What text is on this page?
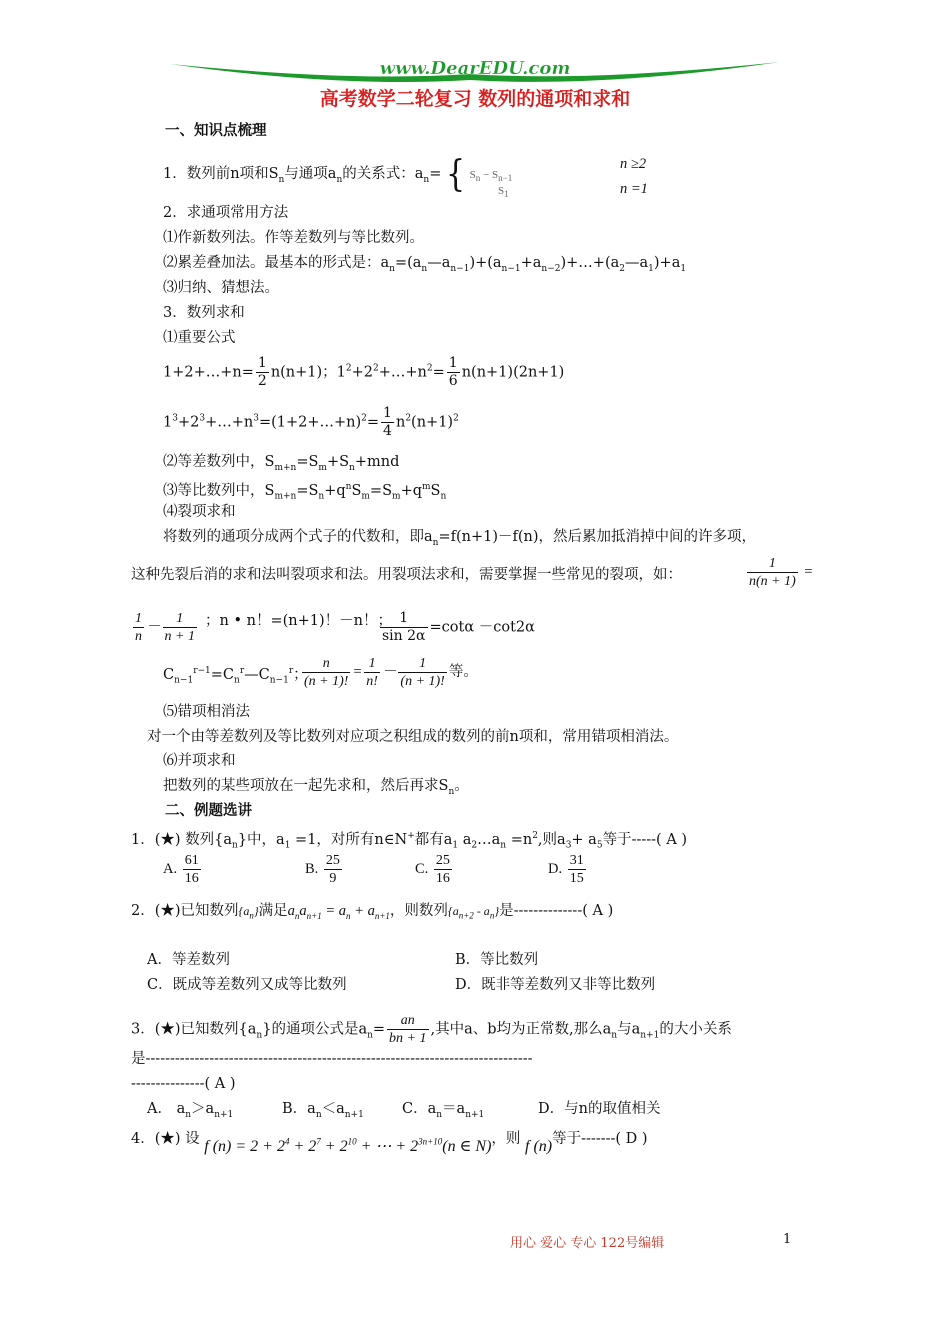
www.DearEDU.com
高考数学二轮复习 数列的通项和求和
一、知识点梳理
1．数列前n项和$S_n$与通项$a_n$的关系式：$a_n=$ { $S_n - S_{n-1}$
n ≥2
n =1
$S_1$
2．求通项常用方法
⑴作新数列法。作等差数列与等比数列。
⑵累差叠加法。最基本的形式是：$a_n=(a_n—a_{n-1})+(a_{n-1}+a_{n-2})+\dots+(a_2—a_1)+a_1$
⑶归纳、猜想法。
3．数列求和
⑴重要公式
1+2+…+n= $\frac{1}{2} n(n+1)$；$1^2+2^2+\dots+n^2= \frac{1}{6} n(n+1)(2n+1)$
$1^3+2^3+\dots+n^3=(1+2+\dots+n)^2= \frac{1}{4} n^2(n+1)^2$
⑵等差数列中，$S_{m+n}=S_m+S_n+mnd$
⑶等比数列中，$S_{m+n}=S_n+q^nS_m=S_m+q^mS_n$
⑷裂项求和
将数列的通项分成两个式子的代数和，即$a_n=f(n+1)-f(n)$，然后累加抵消掉中间的许多项，
这种先裂后消的求和法叫裂项求和法。用裂项法求和，需要掌握一些常见的裂项，如：	$\frac{1}{n(n + 1)}$ =
$\frac{1}{n} - \frac{1}{n + 1}$ ；n • n！=(n+1)！－n！；
$\frac{1}{\sin 2\alpha} =\cot\alpha -\cot 2\alpha$
$C_{n-1}^{r-1}=C_n^r—C_{n-1}^r$；
$\frac{n}{(n + 1)!} = \frac{1}{n!} - \frac{1}{(n + 1)!}$ 等。
⑸错项相消法
对一个由等差数列及等比数列对应项之积组成的数列的前n项和，常用错项相消法。
⑹并项求和
把数列的某些项放在一起先求和，然后再求$S_n$。
二、例题选讲
1．(★) 数列$\{a_n\}$中，$a_1 =1$，对所有n∈N+都有$a_1$ $a_2\dots a_n =n^2$,则$a_3+ a_5$等于-----( A )
A. $\frac{61}{16}$	B. $\frac{25}{9}$	C. $\frac{25}{16}$	D. $\frac{31}{15}$
2．(★)已知数列$\{a_n\}$满足$a_na_{n+1} = a_n + a_{n+1}$，则数列$\{a_{n+2} - a_n\}$是--------------( A )
A．等差数列	B．等比数列
C．既成等差数列又成等比数列	D．既非等差数列又非等比数列
3．(★)已知数列$\{a_n\}$的通项公式是$a_n= \frac{an}{bn + 1}$ ,其中a、b均为正常数,那么$a_n$与$a_{n+1}$的大小关系
是-------------------------------------------------------------------------------
---------------( A )
A． $a_n>a_{n+1}$	B．$a_n<a_{n+1}$	C．$a_n=a_{n+1}$	D．与n的取值相关
4．(★) 设 f $(n) = 2 + 2^4 + 2^7 + 2^{10}$ + ⋯ + $2^{3n+10}(n$ ∈ N)，则 f (n)等于-------( D )
用心 爱心 专心 122号编辑	1
